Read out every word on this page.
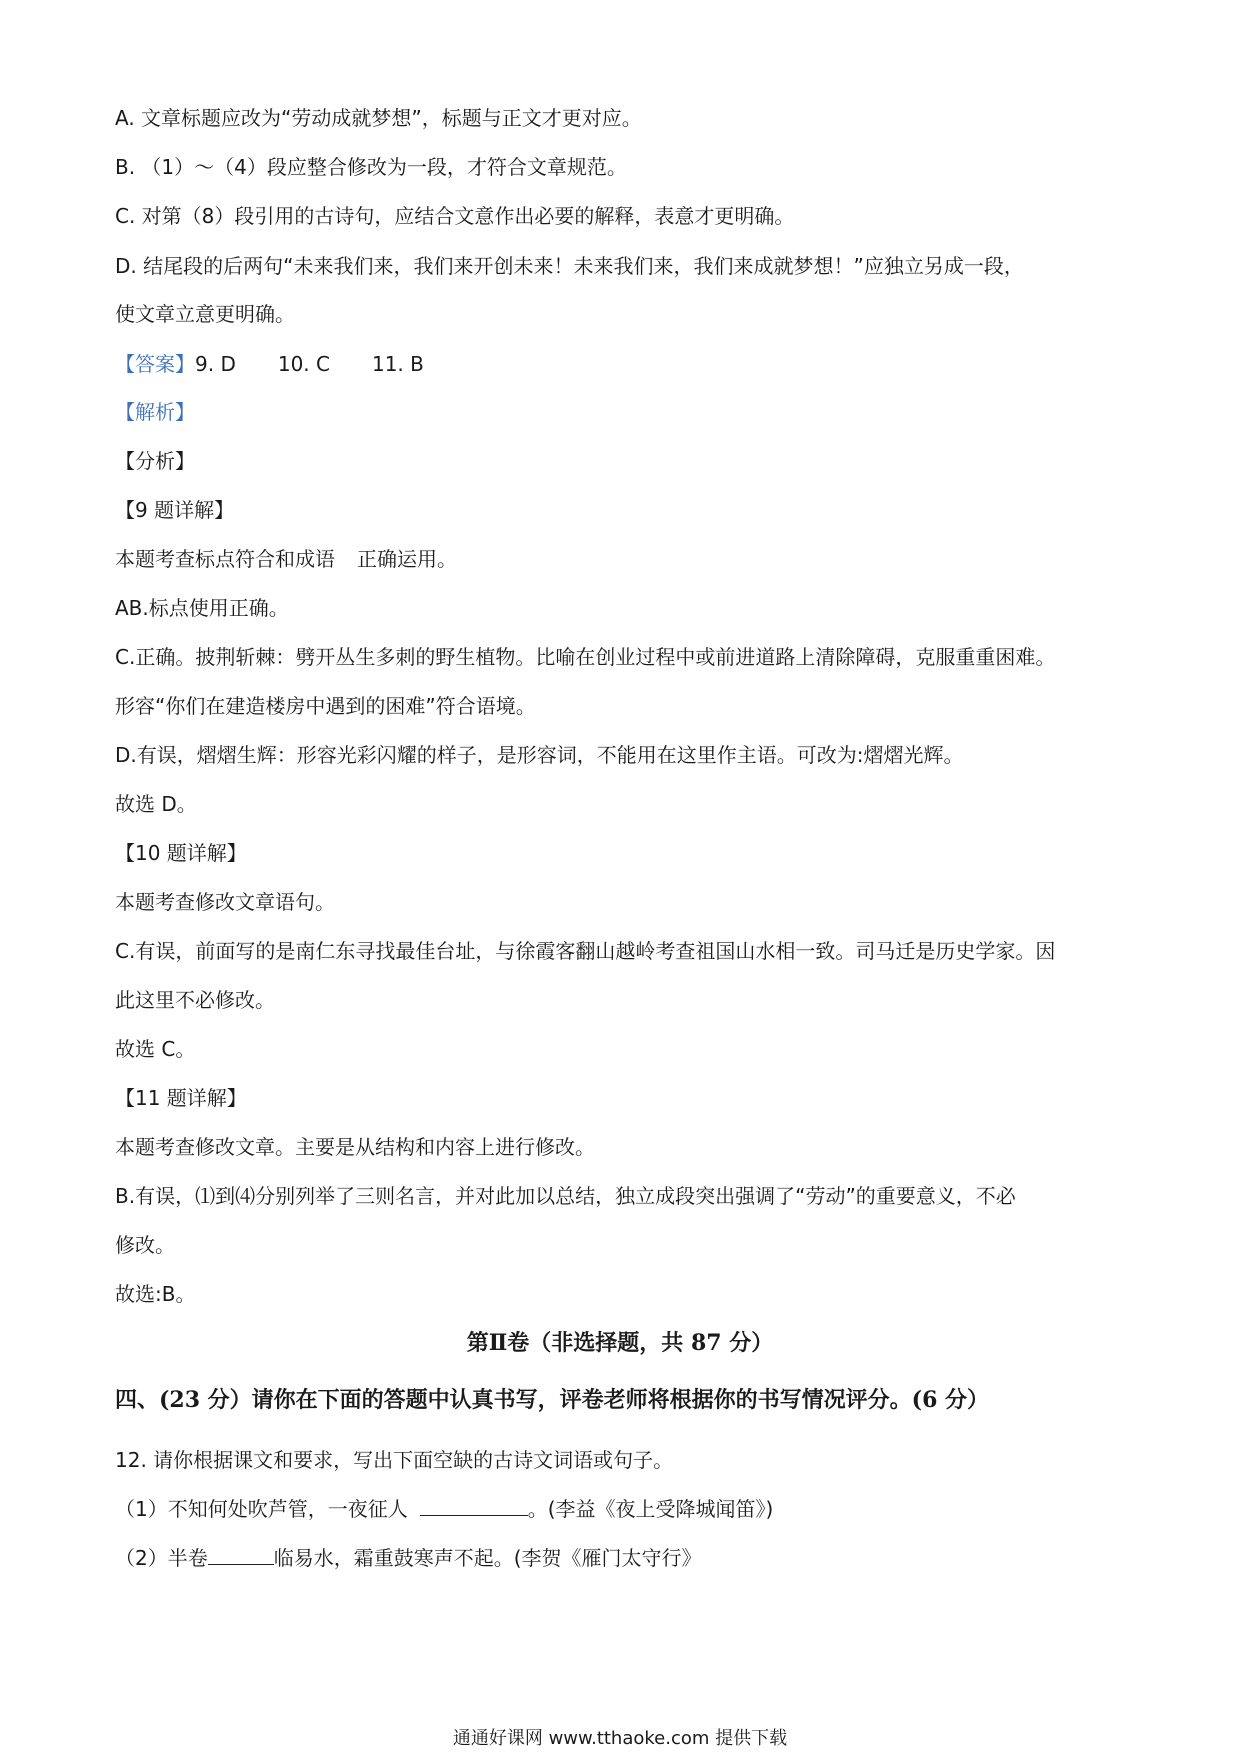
A. 文章标题应改为“劳动成就梦想”，标题与正文才更对应。
B. （1）～（4）段应整合修改为一段，才符合文章规范。
C. 对第（8）段引用的古诗句，应结合文意作出必要的解释，表意才更明确。
D. 结尾段的后两句“未来我们来，我们来开创未来！未来我们来，我们来成就梦想！”应独立另成一段，
使文章立意更明确。
【答案】9. D 10. C 11. B
【解析】
【分析】
【9 题详解】
本题考查标点符合和成语 正确运用。
AB.标点使用正确。
C.正确。披荆斩棘：劈开丛生多刺的野生植物。比喻在创业过程中或前进道路上清除障碍，克服重重困难。
形容“你们在建造楼房中遇到的困难”符合语境。
D.有误，熠熠生辉：形容光彩闪耀的样子，是形容词，不能用在这里作主语。可改为:熠熠光辉。
故选 D。
【10 题详解】
本题考查修改文章语句。
C.有误，前面写的是南仁东寻找最佳台址，与徐霞客翻山越岭考查祖国山水相一致。司马迁是历史学家。因
此这里不必修改。
故选 C。
【11 题详解】
本题考查修改文章。主要是从结构和内容上进行修改。
B.有误，⑴到⑷分别列举了三则名言，并对此加以总结，独立成段突出强调了“劳动”的重要意义，不必
修改。
故选:B。
第Ⅱ卷（非选择题，共 87 分）
四、(23 分）请你在下面的答题中认真书写，评卷老师将根据你的书写情况评分。(6 分）
12. 请你根据课文和要求，写出下面空缺的古诗文词语或句子。
（1）不知何处吹芦管，一夜征人	。(李益《夜上受降城闻笛》)
（2）半卷	临易水，霜重鼓寒声不起。(李贺《雁门太守行》
通通好课网 www.tthaoke.com 提供下载
